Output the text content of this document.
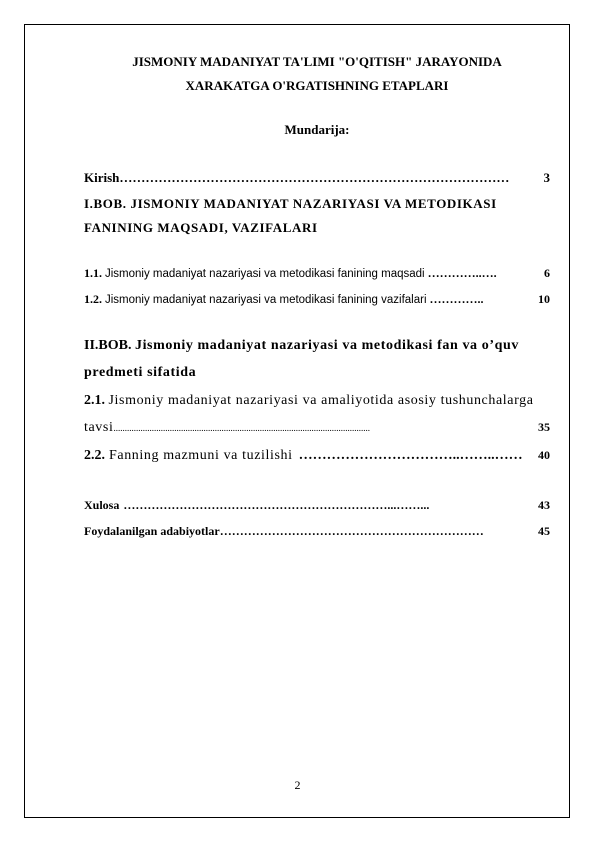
JISMONIY MADANIYAT TA'LIMI "O'QITISH" JARAYONIDA
XARAKATGA O'RGATISHNING ETAPLARI
Mundarija:
Kirish ………………………………………………………………………………	3
I.BOB. JISMONIY MADANIYAT NAZARIYASI VA METODIKASI
FANINING MAQSADI, VAZIFALARI
1.1. Jismoniy madaniyat nazariyasi va metodikasi fanining maqsadi …………..….	6
1.2. Jismoniy madaniyat nazariyasi va metodikasi fanining vazifalari …………..	10
II.BOB. Jismoniy madaniyat nazariyasi va metodikasi fan va o’quv
predmeti sifatida
2.1. Jismoniy madaniyat nazariyasi va amaliyotida asosiy tushunchalarga
tavsi ..................................................................................................................	35
2.2. Fanning mazmuni va tuzilishi ……………………………..……..……	40
Xulosa …………………………………………………………...……...	43
Foydalanilgan adabiyotlar …………………………………………………………	45
2
